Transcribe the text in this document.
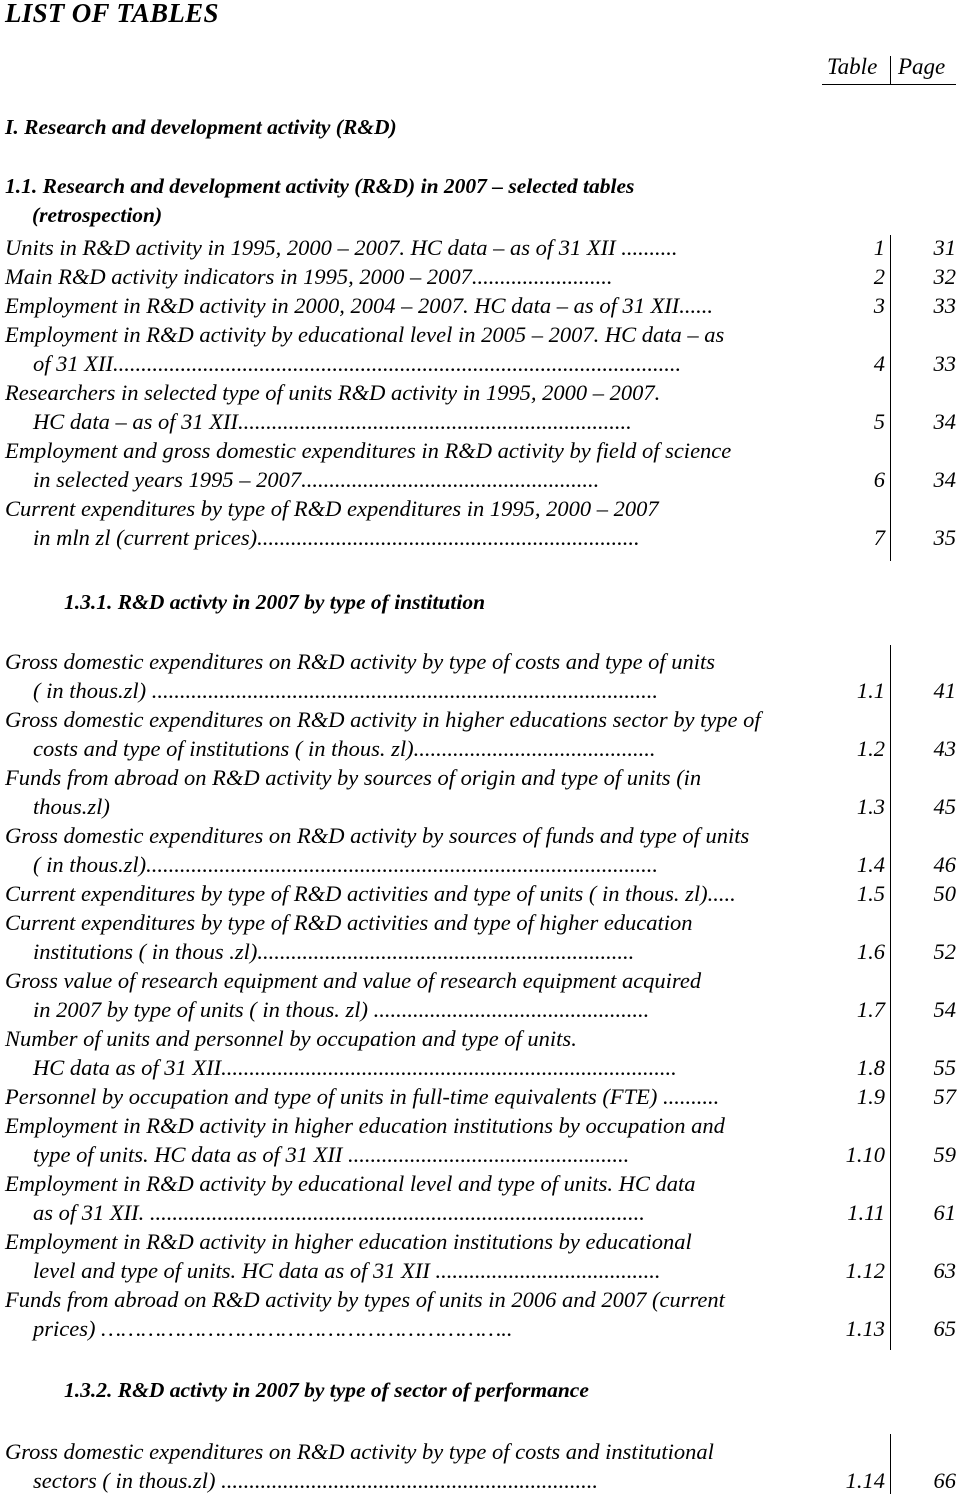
LIST OF TABLES
Table Page
I. Research and development activity (R&D)
1.1. Research and development activity (R&D) in 2007 – selected tables
(retrospection)
Units in R&D activity in 1995, 2000 – 2007. HC data – as of 31 XII ..........	1	31
Main R&D activity indicators in 1995, 2000 – 2007.........................	2	32
Employment in R&D activity in 2000, 2004 – 2007. HC data – as of 31 XII......	3	33
Employment in R&D activity by educational level in 2005 – 2007. HC data – as
of 31 XII.....................................................................................................	4	33
Researchers in selected type of units R&D activity in 1995, 2000 – 2007.
HC data – as of 31 XII......................................................................	5	34
Employment and gross domestic expenditures in R&D activity by field of science
in selected years 1995 – 2007.....................................................	6	34
Current expenditures by type of R&D expenditures in 1995, 2000 – 2007
in mln zl (current prices)....................................................................	7	35
1.3.1. R&D activty in 2007 by type of institution
Gross domestic expenditures on R&D activity by type of costs and type of units
( in thous.zl) ..........................................................................................	1.1	41
Gross domestic expenditures on R&D activity in higher educations sector by type of
costs and type of institutions ( in thous. zl)...........................................	1.2	43
Funds from abroad on R&D activity by sources of origin and type of units (in
thous.zl)	1.3	45
Gross domestic expenditures on R&D activity by sources of funds and type of units
( in thous.zl)...........................................................................................	1.4	46
Current expenditures by type of R&D activities and type of units ( in thous. zl).....	1.5	50
Current expenditures by type of R&D activities and type of higher education
institutions ( in thous .zl)...................................................................	1.6	52
Gross value of research equipment and value of research equipment acquired
in 2007 by type of units ( in thous. zl) .................................................	1.7	54
Number of units and personnel by occupation and type of units.
HC data as of 31 XII.................................................................................	1.8	55
Personnel by occupation and type of units in full-time equivalents (FTE) ..........	1.9	57
Employment in R&D activity in higher education institutions by occupation and
type of units. HC data as of 31 XII ..................................................	1.10	59
Employment in R&D activity by educational level and type of units. HC data
as of 31 XII. ........................................................................................	1.11	61
Employment in R&D activity in higher education institutions by educational
level and type of units. HC data as of 31 XII ........................................	1.12	63
Funds from abroad on R&D activity by types of units in 2006 and 2007 (current
prices) ……………………………………………………..	1.13	65
1.3.2. R&D activty in 2007 by type of sector of performance
Gross domestic expenditures on R&D activity by type of costs and institutional
sectors ( in thous.zl) ...................................................................	1.14	66
